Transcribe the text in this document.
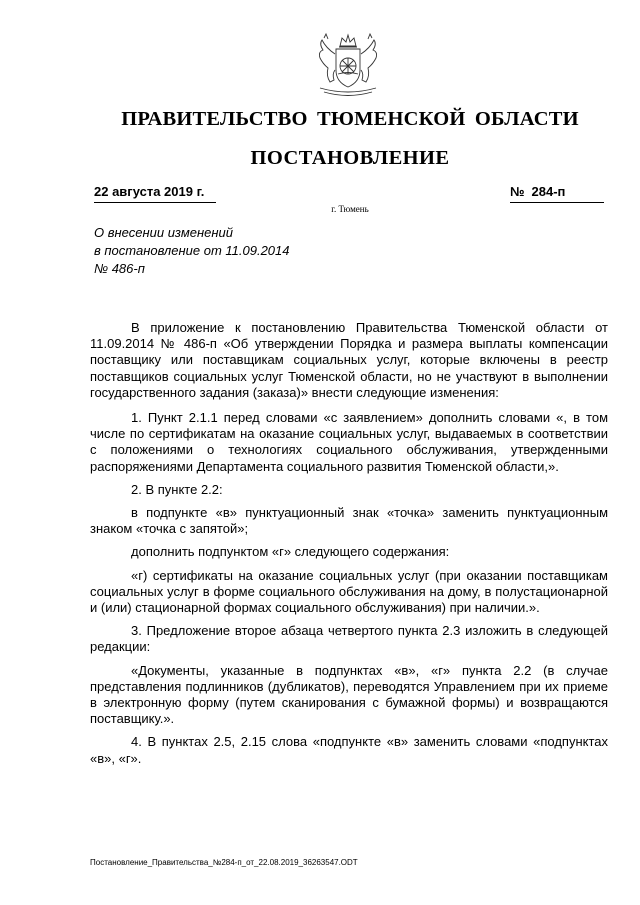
ПРАВИТЕЛЬСТВО ТЮМЕНСКОЙ ОБЛАСТИ
ПОСТАНОВЛЕНИЕ
22 августа 2019 г.	№ 284-п
г. Тюмень
О внесении изменений
в постановление от 11.09.2014
№ 486-п

В приложение к постановлению Правительства Тюменской области от 11.09.2014 № 486-п «Об утверждении Порядка и размера выплаты компенсации поставщику или поставщикам социальных услуг, которые включены в реестр поставщиков социальных услуг Тюменской области, но не участвуют в выполнении государственного задания (заказа)» внести следующие изменения:

1. Пункт 2.1.1 перед словами «с заявлением» дополнить словами «, в том числе по сертификатам на оказание социальных услуг, выдаваемых в соответствии с положениями о технологиях социального обслуживания, утвержденными распоряжениями Департамента социального развития Тюменской области,».

2. В пункте 2.2:

в подпункте «в» пунктуационный знак «точка» заменить пунктуационным знаком «точка с запятой»;

дополнить подпунктом «г» следующего содержания:

«г) сертификаты на оказание социальных услуг (при оказании поставщикам социальных услуг в форме социального обслуживания на дому, в полустационарной и (или) стационарной формах социального обслуживания) при наличии.».

3. Предложение второе абзаца четвертого пункта 2.3 изложить в следующей редакции:

«Документы, указанные в подпунктах «в», «г» пункта 2.2 (в случае представления подлинников (дубликатов), переводятся Управлением при их приеме в электронную форму (путем сканирования с бумажной формы) и возвращаются поставщику.».

4. В пунктах 2.5, 2.15 слова «подпункте «в» заменить словами «подпунктах «в», «г».

Постановление_Правительства_№284-п_от_22.08.2019_36263547.ODT
